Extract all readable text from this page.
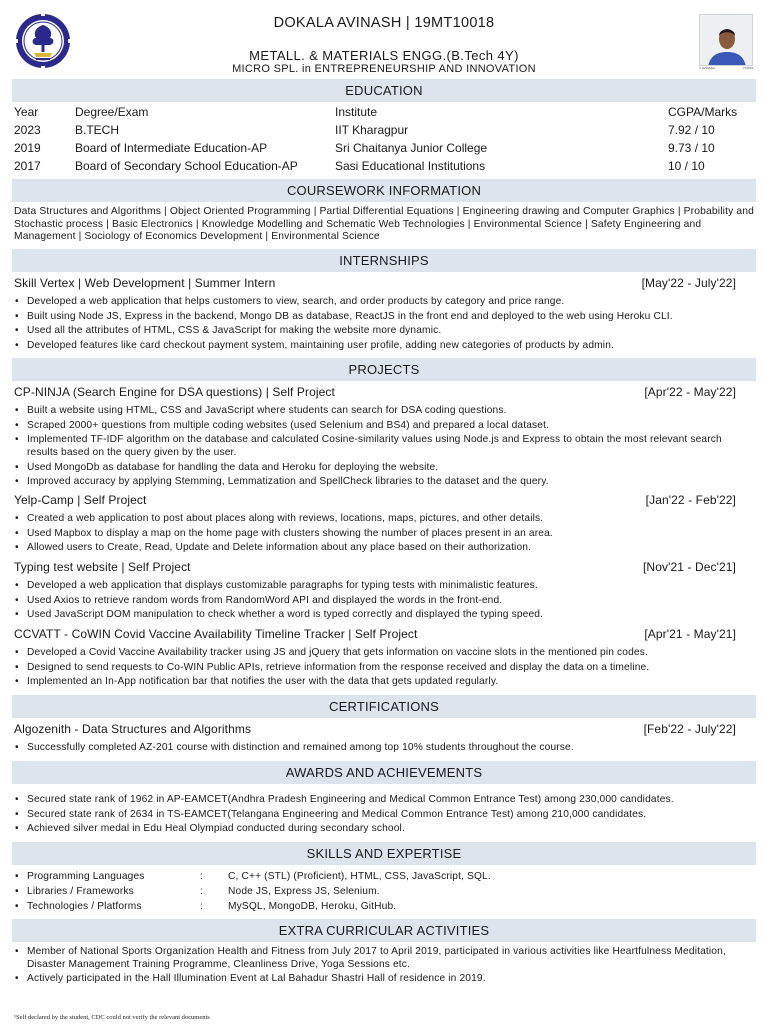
© AVINASH	27/8/19
DOKALA AVINASH | 19MT10018
METALL. & MATERIALS ENGG.(B.Tech 4Y)
MICRO SPL. in ENTREPRENEURSHIP AND INNOVATION
EDUCATION
Year	Degree/Exam	Institute	CGPA/Marks
2023	B.TECH	IIT Kharagpur	7.92 / 10
2019	Board of Intermediate Education-AP	Sri Chaitanya Junior College	9.73 / 10
2017	Board of Secondary School Education-AP	Sasi Educational Institutions	10 / 10
COURSEWORK INFORMATION
Data Structures and Algorithms | Object Oriented Programming | Partial Differential Equations | Engineering drawing and Computer Graphics | Probability and Stochastic process | Basic Electronics | Knowledge Modelling and Schematic Web Technologies | Environmental Science | Safety Engineering and Management | Sociology of Economics Development | Environmental Science
INTERNSHIPS
Skill Vertex | Web Development | Summer Intern	[May'22 - July'22]
• Developed a web application that helps customers to view, search, and order products by category and price range.
• Built using Node JS, Express in the backend, Mongo DB as database, ReactJS in the front end and deployed to the web using Heroku CLI.
• Used all the attributes of HTML, CSS & JavaScript for making the website more dynamic.
• Developed features like card checkout payment system, maintaining user profile, adding new categories of products by admin.
PROJECTS
CP-NINJA (Search Engine for DSA questions) | Self Project	[Apr'22 - May'22]
• Built a website using HTML, CSS and JavaScript where students can search for DSA coding questions.
• Scraped 2000+ questions from multiple coding websites (used Selenium and BS4) and prepared a local dataset.
• Implemented TF-IDF algorithm on the database and calculated Cosine-similarity values using Node.js and Express to obtain the most relevant search results based on the query given by the user.
• Used MongoDb as database for handling the data and Heroku for deploying the website.
• Improved accuracy by applying Stemming, Lemmatization and SpellCheck libraries to the dataset and the query.
Yelp-Camp | Self Project	[Jan'22 - Feb'22]
• Created a web application to post about places along with reviews, locations, maps, pictures, and other details.
• Used Mapbox to display a map on the home page with clusters showing the number of places present in an area.
• Allowed users to Create, Read, Update and Delete information about any place based on their authorization.
Typing test website | Self Project	[Nov'21 - Dec'21]
• Developed a web application that displays customizable paragraphs for typing tests with minimalistic features.
• Used Axios to retrieve random words from RandomWord API and displayed the words in the front-end.
• Used JavaScript DOM manipulation to check whether a word is typed correctly and displayed the typing speed.
CCVATT - CoWIN Covid Vaccine Availability Timeline Tracker | Self Project	[Apr'21 - May'21]
• Developed a Covid Vaccine Availability tracker using JS and jQuery that gets information on vaccine slots in the mentioned pin codes.
• Designed to send requests to Co-WIN Public APIs, retrieve information from the response received and display the data on a timeline.
• Implemented an In-App notification bar that notifies the user with the data that gets updated regularly.
CERTIFICATIONS
Algozenith - Data Structures and Algorithms	[Feb'22 - July'22]
• Successfully completed AZ-201 course with distinction and remained among top 10% students throughout the course.
AWARDS AND ACHIEVEMENTS
• Secured state rank of 1962 in AP-EAMCET(Andhra Pradesh Engineering and Medical Common Entrance Test) among 230,000 candidates.
• Secured state rank of 2634 in TS-EAMCET(Telangana Engineering and Medical Common Entrance Test) among 210,000 candidates.
• Achieved silver medal in Edu Heal Olympiad conducted during secondary school.
SKILLS AND EXPERTISE
• Programming Languages	:	C, C++ (STL) (Proficient), HTML, CSS, JavaScript, SQL.
• Libraries / Frameworks	:	Node JS, Express JS, Selenium.
• Technologies / Platforms	:	MySQL, MongoDB, Heroku, GitHub.
EXTRA CURRICULAR ACTIVITIES
• Member of National Sports Organization Health and Fitness from July 2017 to April 2019, participated in various activities like Heartfulness Meditation, Disaster Management Training Programme, Cleanliness Drive, Yoga Sessions etc.
• Actively participated in the Hall Illumination Event at Lal Bahadur Shastri Hall of residence in 2019.
¹Self declared by the student, CDC could not verify the relevant documents
